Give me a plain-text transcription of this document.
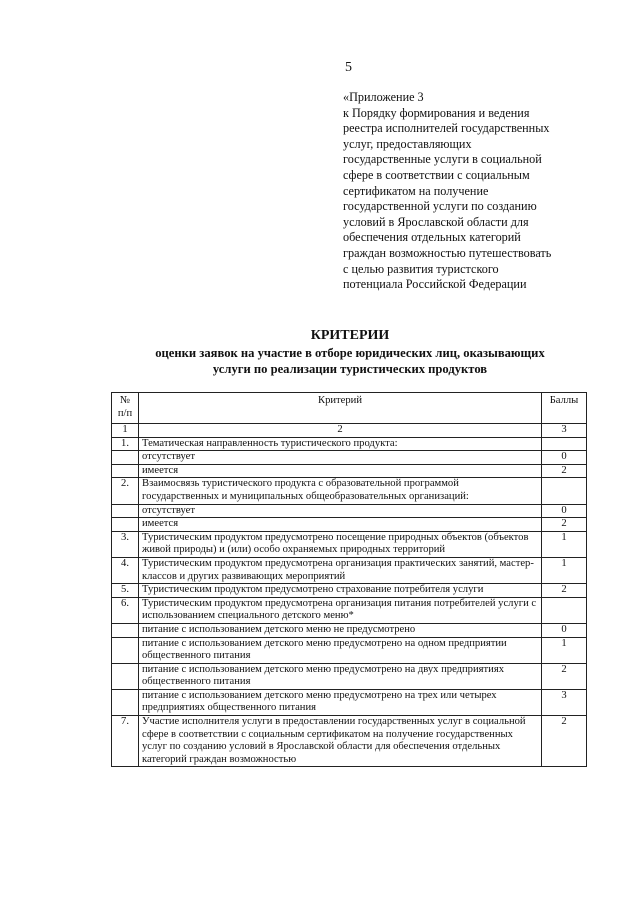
5
«Приложение 3
к Порядку формирования и ведения
реестра исполнителей государственных
услуг, предоставляющих
государственные услуги в социальной
сфере в соответствии с социальным
сертификатом на получение
государственной услуги по созданию
условий в Ярославской области для
обеспечения отдельных категорий
граждан возможностью путешествовать
с целью развития туристского
потенциала Российской Федерации
КРИТЕРИИ
оценки заявок на участие в отборе юридических лиц, оказывающих
услуги по реализации туристических продуктов
№ п/п	Критерий	Баллы
1	2	3
1.	Тематическая направленность туристического продукта:	
	отсутствует	0
	имеется	2
2.	Взаимосвязь туристического продукта с образовательной программой государственных и муниципальных общеобразовательных организаций:	
	отсутствует	0
	имеется	2
3.	Туристическим продуктом предусмотрено посещение природных объектов (объектов живой природы) и (или) особо охраняемых природных территорий	1
4.	Туристическим продуктом предусмотрена организация практических занятий, мастер-классов и других развивающих мероприятий	1
5.	Туристическим продуктом предусмотрено страхование потребителя услуги	2
6.	Туристическим продуктом предусмотрена организация питания потребителей услуги с использованием специального детского меню*	
	питание с использованием детского меню не предусмотрено	0
	питание с использованием детского меню предусмотрено на одном предприятии общественного питания	1
	питание с использованием детского меню предусмотрено на двух предприятиях общественного питания	2
	питание с использованием детского меню предусмотрено на трех или четырех предприятиях общественного питания	3
7.	Участие исполнителя услуги в предоставлении государственных услуг в социальной сфере в соответствии с социальным сертификатом на получение государственных услуг по созданию условий в Ярославской области для обеспечения отдельных категорий граждан возможностью	2
